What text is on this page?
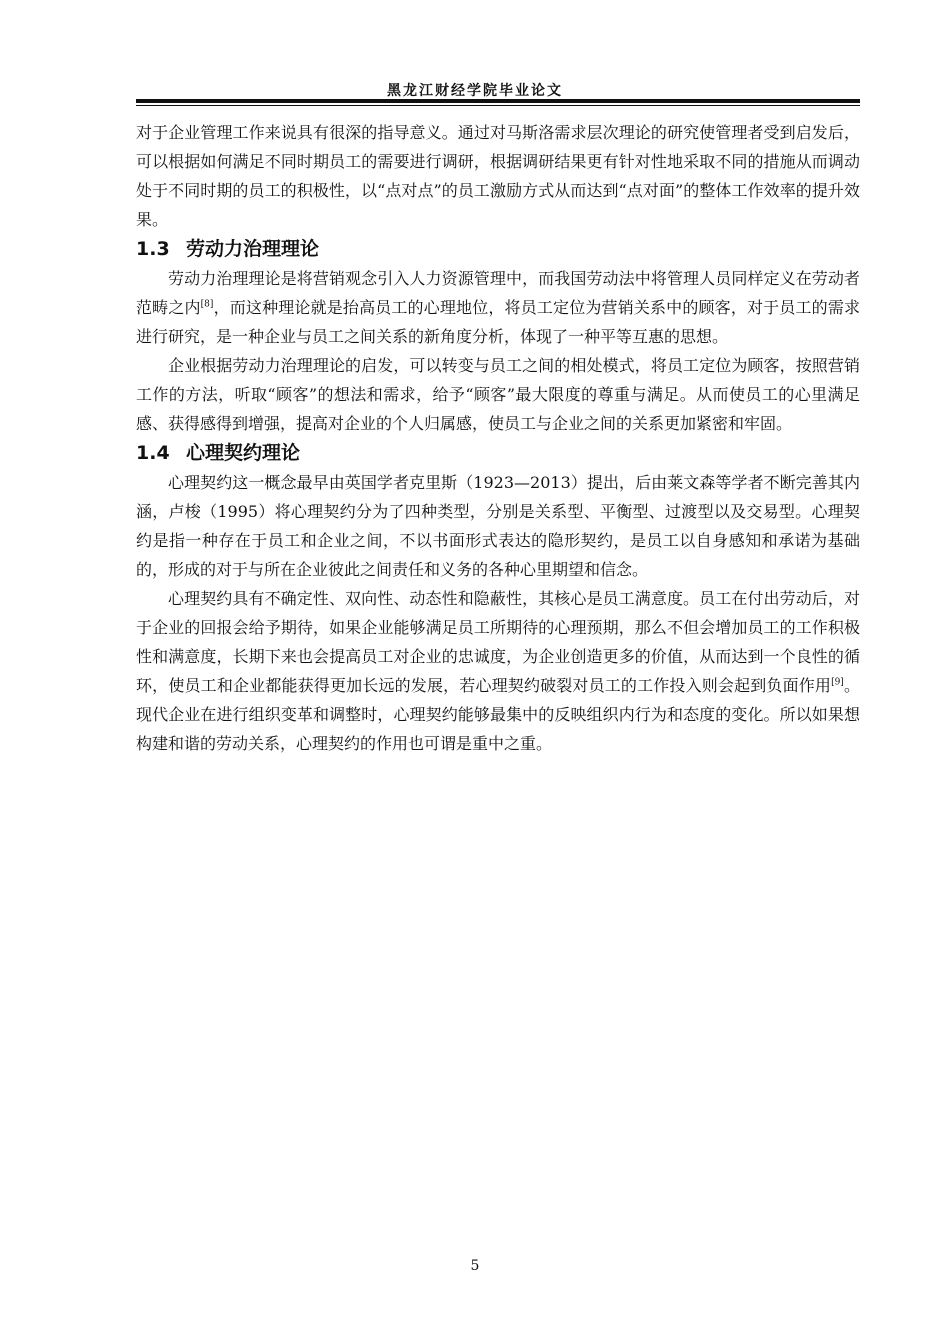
黑龙江财经学院毕业论文

对于企业管理工作来说具有很深的指导意义。通过对马斯洛需求层次理论的研究使管理者受到启发后，可以根据如何满足不同时期员工的需要进行调研，根据调研结果更有针对性地采取不同的措施从而调动处于不同时期的员工的积极性，以“点对点”的员工激励方式从而达到“点对面”的整体工作效率的提升效果。

1.3 劳动力治理理论

劳动力治理理论是将营销观念引入人力资源管理中，而我国劳动法中将管理人员同样定义在劳动者范畴之内[8]，而这种理论就是抬高员工的心理地位，将员工定位为营销关系中的顾客，对于员工的需求进行研究，是一种企业与员工之间关系的新角度分析，体现了一种平等互惠的思想。

企业根据劳动力治理理论的启发，可以转变与员工之间的相处模式，将员工定位为顾客，按照营销工作的方法，听取“顾客”的想法和需求，给予“顾客”最大限度的尊重与满足。从而使员工的心里满足感、获得感得到增强，提高对企业的个人归属感，使员工与企业之间的关系更加紧密和牢固。

1.4 心理契约理论

心理契约这一概念最早由英国学者克里斯（1923—2013）提出，后由莱文森等学者不断完善其内涵，卢梭（1995）将心理契约分为了四种类型，分别是关系型、平衡型、过渡型以及交易型。心理契约是指一种存在于员工和企业之间，不以书面形式表达的隐形契约，是员工以自身感知和承诺为基础的，形成的对于与所在企业彼此之间责任和义务的各种心里期望和信念。

心理契约具有不确定性、双向性、动态性和隐蔽性，其核心是员工满意度。员工在付出劳动后，对于企业的回报会给予期待，如果企业能够满足员工所期待的心理预期，那么不但会增加员工的工作积极性和满意度，长期下来也会提高员工对企业的忠诚度，为企业创造更多的价值，从而达到一个良性的循环，使员工和企业都能获得更加长远的发展，若心理契约破裂对员工的工作投入则会起到负面作用[9]。现代企业在进行组织变革和调整时，心理契约能够最集中的反映组织内行为和态度的变化。所以如果想构建和谐的劳动关系，心理契约的作用也可谓是重中之重。

5
